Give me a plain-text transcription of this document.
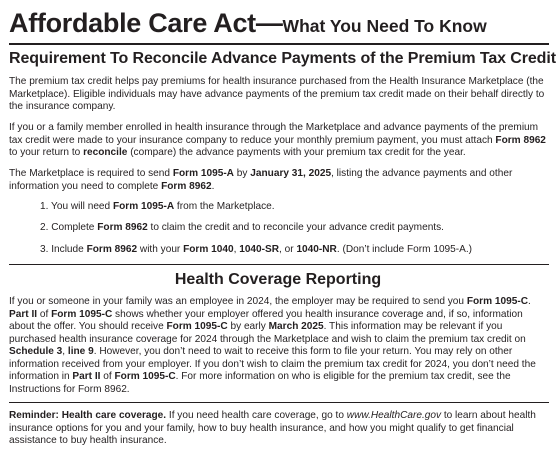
Affordable Care Act—What You Need To Know
Requirement To Reconcile Advance Payments of the Premium Tax Credit

The premium tax credit helps pay premiums for health insurance purchased from the Health Insurance Marketplace (the Marketplace). Eligible individuals may have advance payments of the premium tax credit made on their behalf directly to the insurance company.

If you or a family member enrolled in health insurance through the Marketplace and advance payments of the premium tax credit were made to your insurance company to reduce your monthly premium payment, you must attach Form 8962 to your return to reconcile (compare) the advance payments with your premium tax credit for the year.

The Marketplace is required to send Form 1095-A by January 31, 2025, listing the advance payments and other information you need to complete Form 8962.

1. You will need Form 1095-A from the Marketplace.
2. Complete Form 8962 to claim the credit and to reconcile your advance credit payments.
3. Include Form 8962 with your Form 1040, 1040-SR, or 1040-NR. (Don’t include Form 1095-A.)
Health Coverage Reporting

If you or someone in your family was an employee in 2024, the employer may be required to send you Form 1095-C. Part II of Form 1095-C shows whether your employer offered you health insurance coverage and, if so, information about the offer. You should receive Form 1095-C by early March 2025. This information may be relevant if you purchased health insurance coverage for 2024 through the Marketplace and wish to claim the premium tax credit on Schedule 3, line 9. However, you don’t need to wait to receive this form to file your return. You may rely on other information received from your employer. If you don’t wish to claim the premium tax credit for 2024, you don’t need the information in Part II of Form 1095-C. For more information on who is eligible for the premium tax credit, see the Instructions for Form 8962.

Reminder: Health care coverage. If you need health care coverage, go to www.HealthCare.gov to learn about health insurance options for you and your family, how to buy health insurance, and how you might qualify to get financial assistance to buy health insurance.
